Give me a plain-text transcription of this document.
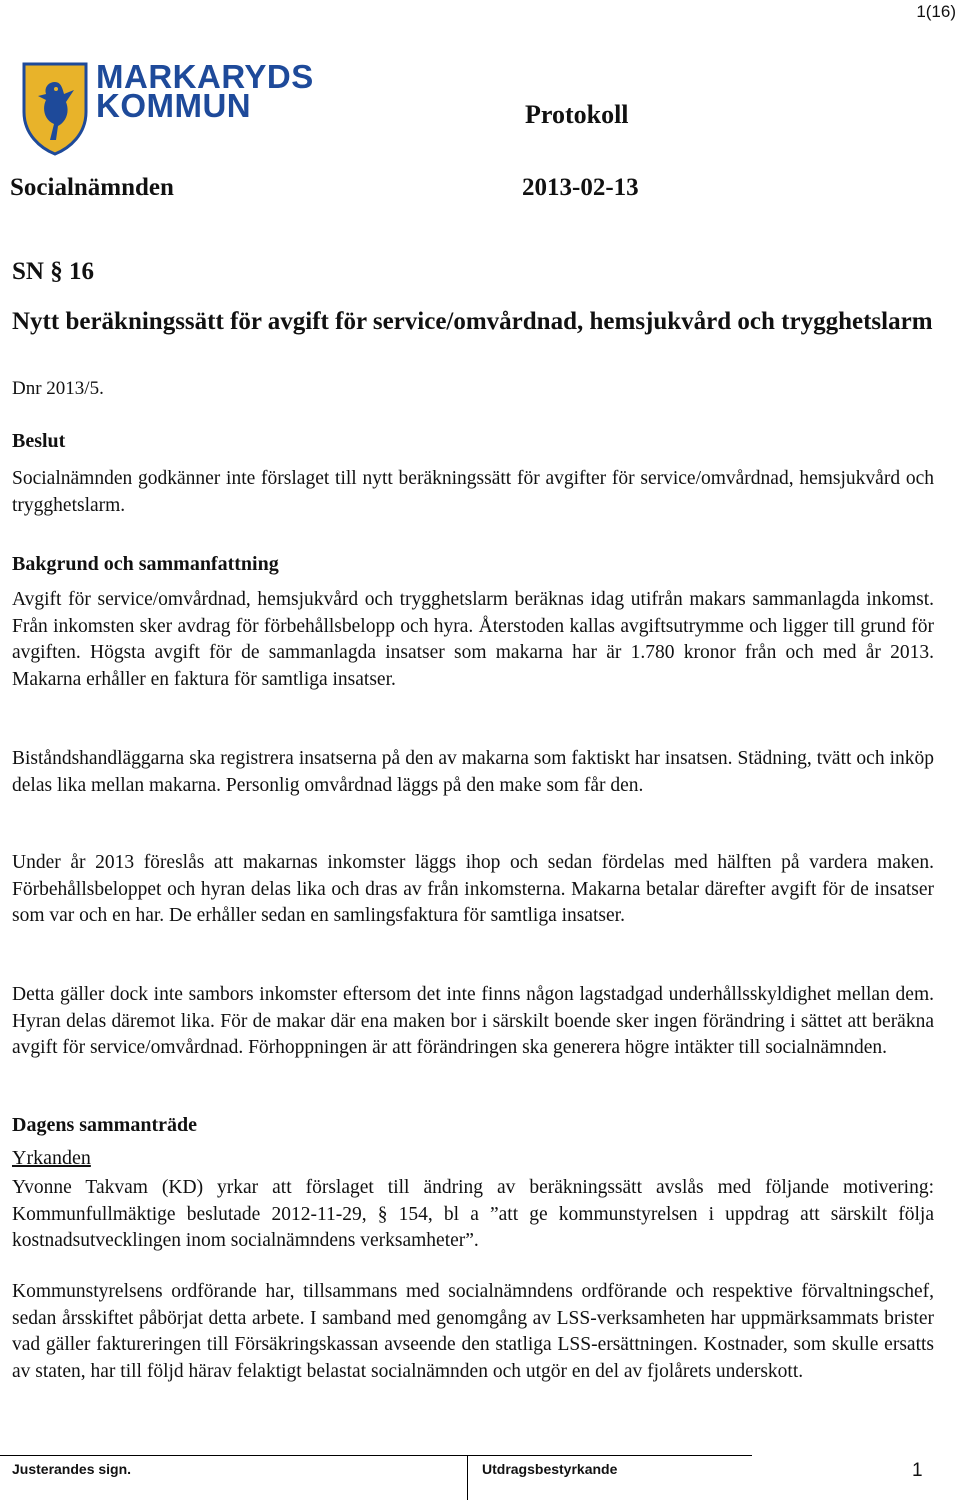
1(16)
MARKARYDS
KOMMUN	Protokoll
Socialnämnden	2013-02-13
SN § 16
Nytt beräkningssätt för avgift för service/omvårdnad, hemsjukvård och trygghetslarm
Dnr 2013/5.
Beslut
Socialnämnden godkänner inte förslaget till nytt beräkningssätt för avgifter för service/omvårdnad, hemsjukvård och trygghetslarm.
Bakgrund och sammanfattning
Avgift för service/omvårdnad, hemsjukvård och trygghetslarm beräknas idag utifrån makars sammanlagda inkomst. Från inkomsten sker avdrag för förbehållsbelopp och hyra. Återstoden kallas avgiftsutrymme och ligger till grund för avgiften. Högsta avgift för de sammanlagda insatser som makarna har är 1.780 kronor från och med år 2013. Makarna erhåller en faktura för samtliga insatser.
Biståndshandläggarna ska registrera insatserna på den av makarna som faktiskt har insatsen. Städning, tvätt och inköp delas lika mellan makarna. Personlig omvårdnad läggs på den make som får den.
Under år 2013 föreslås att makarnas inkomster läggs ihop och sedan fördelas med hälften på vardera maken. Förbehållsbeloppet och hyran delas lika och dras av från inkomsterna. Makarna betalar därefter avgift för de insatser som var och en har. De erhåller sedan en samlingsfaktura för samtliga insatser.
Detta gäller dock inte sambors inkomster eftersom det inte finns någon lagstadgad underhållsskyldighet mellan dem. Hyran delas däremot lika. För de makar där ena maken bor i särskilt boende sker ingen förändring i sättet att beräkna avgift för service/omvårdnad. Förhoppningen är att förändringen ska generera högre intäkter till socialnämnden.
Dagens sammanträde
Yrkanden
Yvonne Takvam (KD) yrkar att förslaget till ändring av beräkningssätt avslås med följande motivering: Kommunfullmäktige beslutade 2012-11-29, § 154, bl a ”att ge kommunstyrelsen i uppdrag att särskilt följa kostnadsutvecklingen inom socialnämndens verksamheter”.
Kommunstyrelsens ordförande har, tillsammans med socialnämndens ordförande och respektive förvaltningschef, sedan årsskiftet påbörjat detta arbete. I samband med genomgång av LSS-verksamheten har uppmärksammats brister vad gäller faktureringen till Försäkringskassan avseende den statliga LSS-ersättningen. Kostnader, som skulle ersatts av staten, har till följd härav felaktigt belastat socialnämnden och utgör en del av fjolårets underskott.
Justerandes sign.	Utdragsbestyrkande	1
